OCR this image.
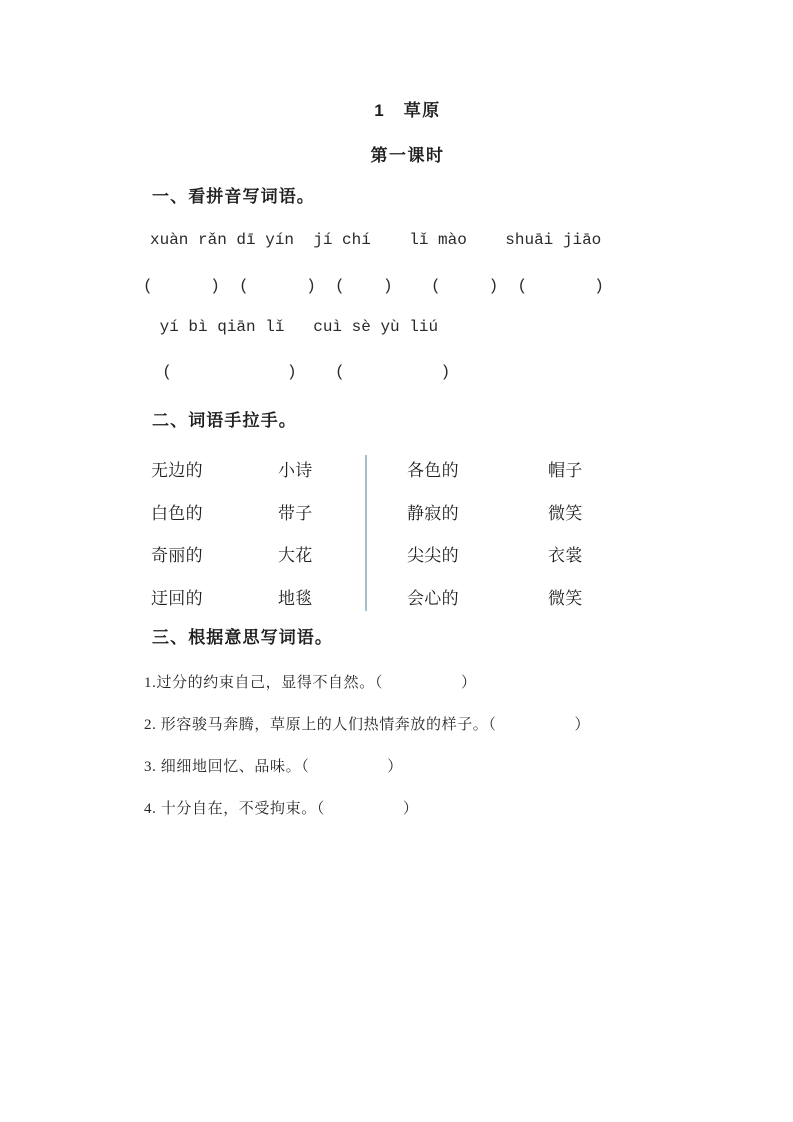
1　草原
第一课时
一、看拼音写词语。
xuàn rǎn dī yín  jí chí    lǐ mào    shuāi jiāo
(      )  (      )  (    )    (     )  (       )
yí bì qiān lǐ   cuì sè yù liú
(            )    (          )
二、词语手拉手。
无边的	小诗	各色的	帽子
白色的	带子	静寂的	微笑
奇丽的	大花	尖尖的	衣裳
迂回的	地毯	会心的	微笑
三、根据意思写词语。
1.过分的约束自己，显得不自然。（　　　　　）
2. 形容骏马奔腾，草原上的人们热情奔放的样子。（　　　　　）
3. 细细地回忆、品味。（　　　　　）
4. 十分自在，不受拘束。（　　　　　）
